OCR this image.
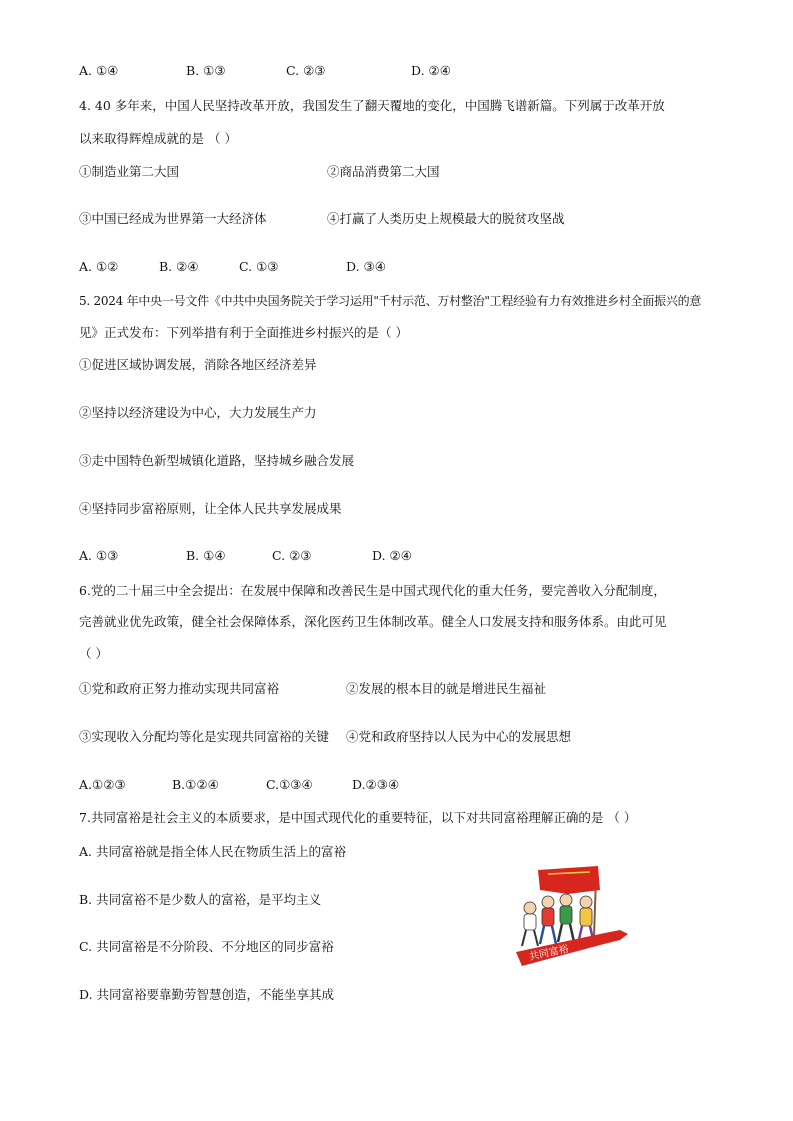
A. ①④	B. ①③	C. ②③	D. ②④
4. 40 多年来，中国人民坚持改革开放，我国发生了翻天覆地的变化，中国腾飞谱新篇。下列属于改革开放
以来取得辉煌成就的是 （ ）
①制造业第二大国	②商品消费第二大国
③中国已经成为世界第一大经济体	④打赢了人类历史上规模最大的脱贫攻坚战
A. ①②	B. ②④	C. ①③	D. ③④
5. 2024 年中央一号文件《中共中央国务院关于学习运用"千村示范、万村整治"工程经验有力有效推进乡村全面振兴的意
见》正式发布：下列举措有利于全面推进乡村振兴的是（ ）
①促进区域协调发展，消除各地区经济差异
②坚持以经济建设为中心，大力发展生产力
③走中国特色新型城镇化道路，坚持城乡融合发展
④坚持同步富裕原则，让全体人民共享发展成果
A. ①③	B. ①④	C. ②③	D. ②④
6.党的二十届三中全会提出：在发展中保障和改善民生是中国式现代化的重大任务，要完善收入分配制度，
完善就业优先政策，健全社会保障体系，深化医药卫生体制改革。健全人口发展支持和服务体系。由此可见
（ ）
①党和政府正努力推动实现共同富裕	②发展的根本目的就是增进民生福祉
③实现收入分配均等化是实现共同富裕的关键 ④党和政府坚持以人民为中心的发展思想
A.①②③	B.①②④	C.①③④	D.②③④
7.共同富裕是社会主义的本质要求，是中国式现代化的重要特征，以下对共同富裕理解正确的是 （ ）
A. 共同富裕就是指全体人民在物质生活上的富裕
B. 共同富裕不是少数人的富裕，是平均主义
C. 共同富裕是不分阶段、不分地区的同步富裕
D. 共同富裕要靠勤劳智慧创造，不能坐享其成
共同富裕
